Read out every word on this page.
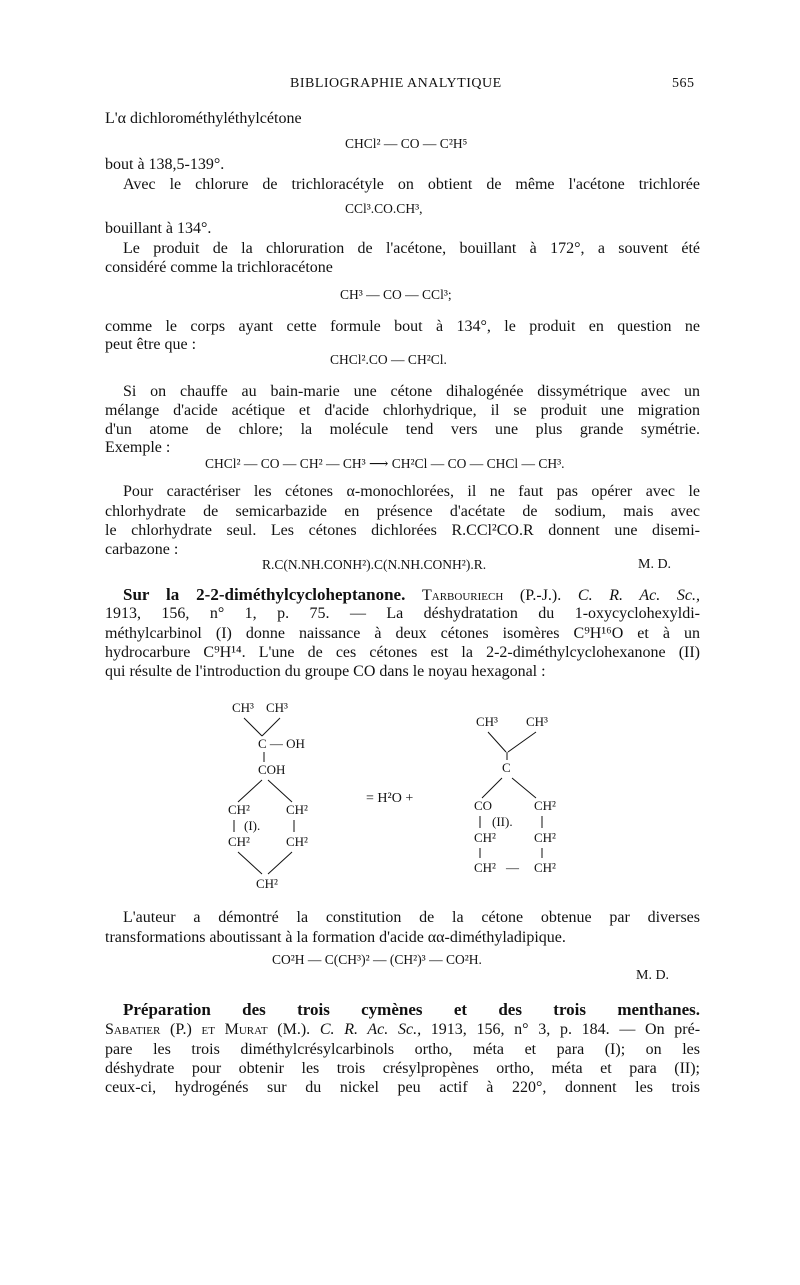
BIBLIOGRAPHIE ANALYTIQUE	565
L'α dichlorométhyléthylcétone
CHCl² — CO — C²H⁵
bout à 138,5-139°.
Avec le chlorure de trichloracétyle on obtient de même l'acétone trichlorée
CCl³.CO.CH³,
bouillant à 134°.
Le produit de la chloruration de l'acétone, bouillant à 172°, a souvent été
considéré comme la trichloracétone
CH³ — CO — CCl³;
comme le corps ayant cette formule bout à 134°, le produit en question ne
peut être que :
CHCl².CO — CH²Cl.
Si on chauffe au bain-marie une cétone dihalogénée dissymétrique avec un
mélange d'acide acétique et d'acide chlorhydrique, il se produit une migration
d'un atome de chlore; la molécule tend vers une plus grande symétrie.
Exemple :
CHCl² — CO — CH² — CH³ ⟶ CH²Cl — CO — CHCl — CH³.
Pour caractériser les cétones α-monochlorées, il ne faut pas opérer avec le
chlorhydrate de semicarbazide en présence d'acétate de sodium, mais avec
le chlorhydrate seul. Les cétones dichlorées R.CCl²CO.R donnent une disemi-
carbazone :
R.C(N.NH.CONH²).C(N.NH.CONH²).R.	M. D.
Sur la 2-2-diméthylcycloheptanone. Tarbouriech (P.-J.). C. R. Ac. Sc.,
1913, 156, n° 1, p. 75. — La déshydratation du 1-oxycyclohexyldi-
méthylcarbinol (I) donne naissance à deux cétones isomères C⁹H¹⁶O et à un
hydrocarbure C⁹H¹⁴. L'une de ces cétones est la 2-2-diméthylcyclohexanone (II)
qui résulte de l'introduction du groupe CO dans le noyau hexagonal :
CH³ CH³
C — OH
COH
CH²	CH²
(I).
CH²	CH²
CH²
= H²O +
CH³ CH³
C
CO	CH²
(II).
CH²	CH²
CH² — CH²
L'auteur a démontré la constitution de la cétone obtenue par diverses
transformations aboutissant à la formation d'acide αα-diméthyladipique.
CO²H — C(CH³)² — (CH²)³ — CO²H.
M. D.
Préparation des trois cymènes et des trois menthanes.
Sabatier (P.) et Murat (M.). C. R. Ac. Sc., 1913, 156, n° 3, p. 184. — On pré-
pare les trois diméthylcrésylcarbinols ortho, méta et para (I); on les
déshydrate pour obtenir les trois crésylpropènes ortho, méta et para (II);
ceux-ci, hydrogénés sur du nickel peu actif à 220°, donnent les trois
